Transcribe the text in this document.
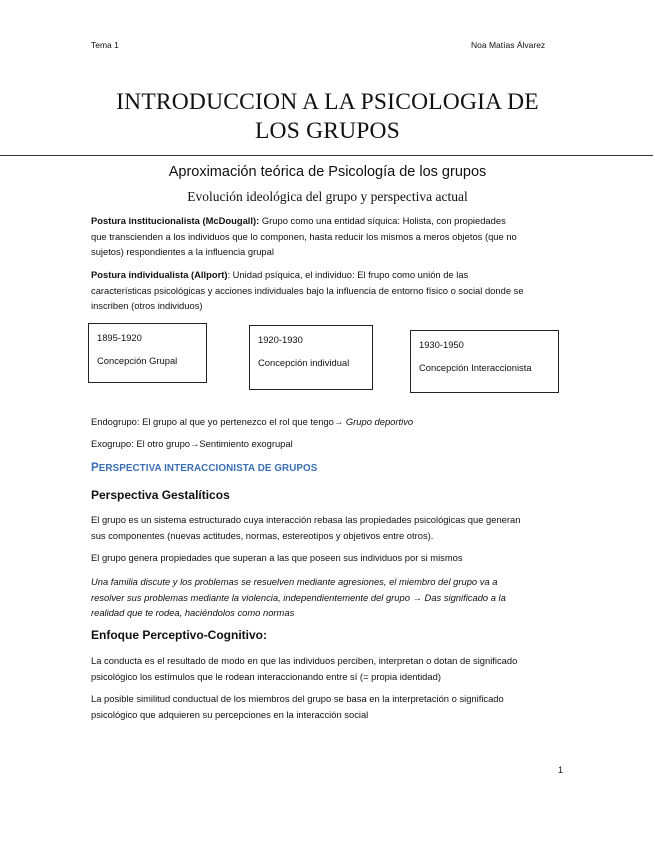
Tema 1	Noa Matías Álvarez
INTRODUCCION A LA PSICOLOGIA DE
LOS GRUPOS
Aproximación teórica de Psicología de los grupos
Evolución ideológica del grupo y perspectiva actual
Postura institucionalista (McDougall): Grupo como una entidad síquica: Holista, con propiedades
que transcienden a los individuos que lo componen, hasta reducir los mismos a meros objetos (que no
sujetos) respondientes a la influencia grupal
Postura individualista (Allport): Unidad psíquica, el individuo: El frupo como unión de las
características psicológicas y acciones individuales bajo la influencia de entorno físico o social donde se
inscriben (otros individuos)
1895-1920
Concepción Grupal
1920-1930
Concepción individual
1930-1950
Concepción Interaccionista
Endogrupo: El grupo al que yo pertenezco el rol que tengo→ Grupo deportivo
Exogrupo: El otro grupo→Sentimiento exogrupal
PERSPECTIVA INTERACCIONISTA DE GRUPOS
Perspectiva Gestalíticos
El grupo es un sistema estructurado cuya interacción rebasa las propiedades psicológicas que generan
sus componentes (nuevas actitudes, normas, estereotipos y objetivos entre otros).
El grupo genera propiedades que superan a las que poseen sus individuos por si mismos
Una familia discute y los problemas se resuelven mediante agresiones, el miembro del grupo va a
resolver sus problemas mediante la violencia, independientemente del grupo → Das significado a la
realidad que te rodea, haciéndolos como normas
Enfoque Perceptivo-Cognitivo:
La conducta es el resultado de modo en que las individuos perciben, interpretan o dotan de significado
psicológico los estímulos que le rodean interaccionando entre sí (= propia identidad)
La posible similitud conductual de los miembros del grupo se basa en la interpretación o significado
psicológico que adquieren su percepciones en la interacción social
1
